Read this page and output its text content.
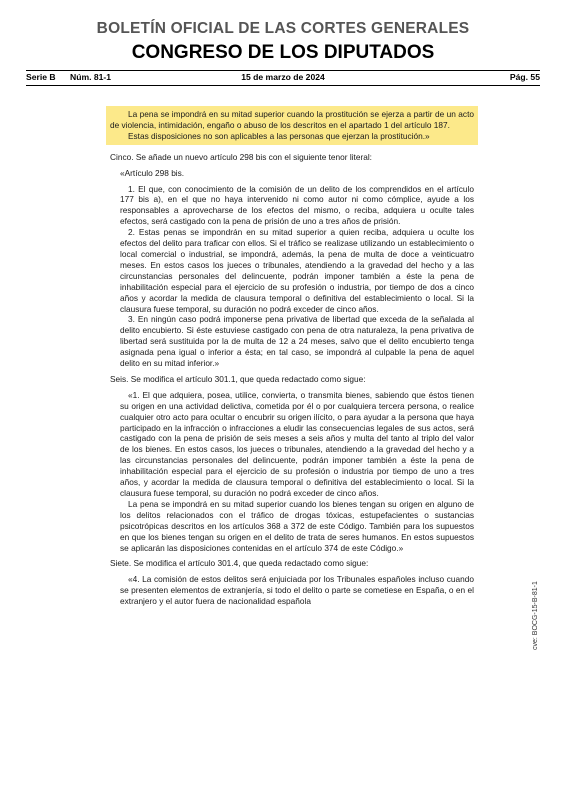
BOLETÍN OFICIAL DE LAS CORTES GENERALES
CONGRESO DE LOS DIPUTADOS
Serie B Núm. 81-1	15 de marzo de 2024	Pág. 55

La pena se impondrá en su mitad superior cuando la prostitución se ejerza a partir de un acto de violencia, intimidación, engaño o abuso de los descritos en el apartado 1 del artículo 187.

Estas disposiciones no son aplicables a las personas que ejerzan la prostitución.»

Cinco. Se añade un nuevo artículo 298 bis con el siguiente tenor literal:

«Artículo 298 bis.

1. El que, con conocimiento de la comisión de un delito de los comprendidos en el artículo 177 bis a), en el que no haya intervenido ni como autor ni como cómplice, ayude a los responsables a aprovecharse de los efectos del mismo, o reciba, adquiera u oculte tales efectos, será castigado con la pena de prisión de uno a tres años de prisión.

2. Estas penas se impondrán en su mitad superior a quien reciba, adquiera u oculte los efectos del delito para traficar con ellos. Si el tráfico se realizase utilizando un establecimiento o local comercial o industrial, se impondrá, además, la pena de multa de doce a veinticuatro meses. En estos casos los jueces o tribunales, atendiendo a la gravedad del hecho y a las circunstancias personales del delincuente, podrán imponer también a éste la pena de inhabilitación especial para el ejercicio de su profesión o industria, por tiempo de dos a cinco años y acordar la medida de clausura temporal o definitiva del establecimiento o local. Si la clausura fuese temporal, su duración no podrá exceder de cinco años.

3. En ningún caso podrá imponerse pena privativa de libertad que exceda de la señalada al delito encubierto. Si éste estuviese castigado con pena de otra naturaleza, la pena privativa de libertad será sustituida por la de multa de 12 a 24 meses, salvo que el delito encubierto tenga asignada pena igual o inferior a ésta; en tal caso, se impondrá al culpable la pena de aquel delito en su mitad inferior.»

Seis. Se modifica el artículo 301.1, que queda redactado como sigue:

«1. El que adquiera, posea, utilice, convierta, o transmita bienes, sabiendo que éstos tienen su origen en una actividad delictiva, cometida por él o por cualquiera tercera persona, o realice cualquier otro acto para ocultar o encubrir su origen ilícito, o para ayudar a la persona que haya participado en la infracción o infracciones a eludir las consecuencias legales de sus actos, será castigado con la pena de prisión de seis meses a seis años y multa del tanto al triplo del valor de los bienes. En estos casos, los jueces o tribunales, atendiendo a la gravedad del hecho y a las circunstancias personales del delincuente, podrán imponer también a éste la pena de inhabilitación especial para el ejercicio de su profesión o industria por tiempo de uno a tres años, y acordar la medida de clausura temporal o definitiva del establecimiento o local. Si la clausura fuese temporal, su duración no podrá exceder de cinco años.

La pena se impondrá en su mitad superior cuando los bienes tengan su origen en alguno de los delitos relacionados con el tráfico de drogas tóxicas, estupefacientes o sustancias psicotrópicas descritos en los artículos 368 a 372 de este Código. También para los supuestos en que los bienes tengan su origen en el delito de trata de seres humanos. En estos supuestos se aplicarán las disposiciones contenidas en el artículo 374 de este Código.»

Siete. Se modifica el artículo 301.4, que queda redactado como sigue:

«4. La comisión de estos delitos será enjuiciada por los Tribunales españoles incluso cuando se presenten elementos de extranjería, si todo el delito o parte se cometiese en España, o en el extranjero y el autor fuera de nacionalidad española	cve: BOCG-15-B-81-1
